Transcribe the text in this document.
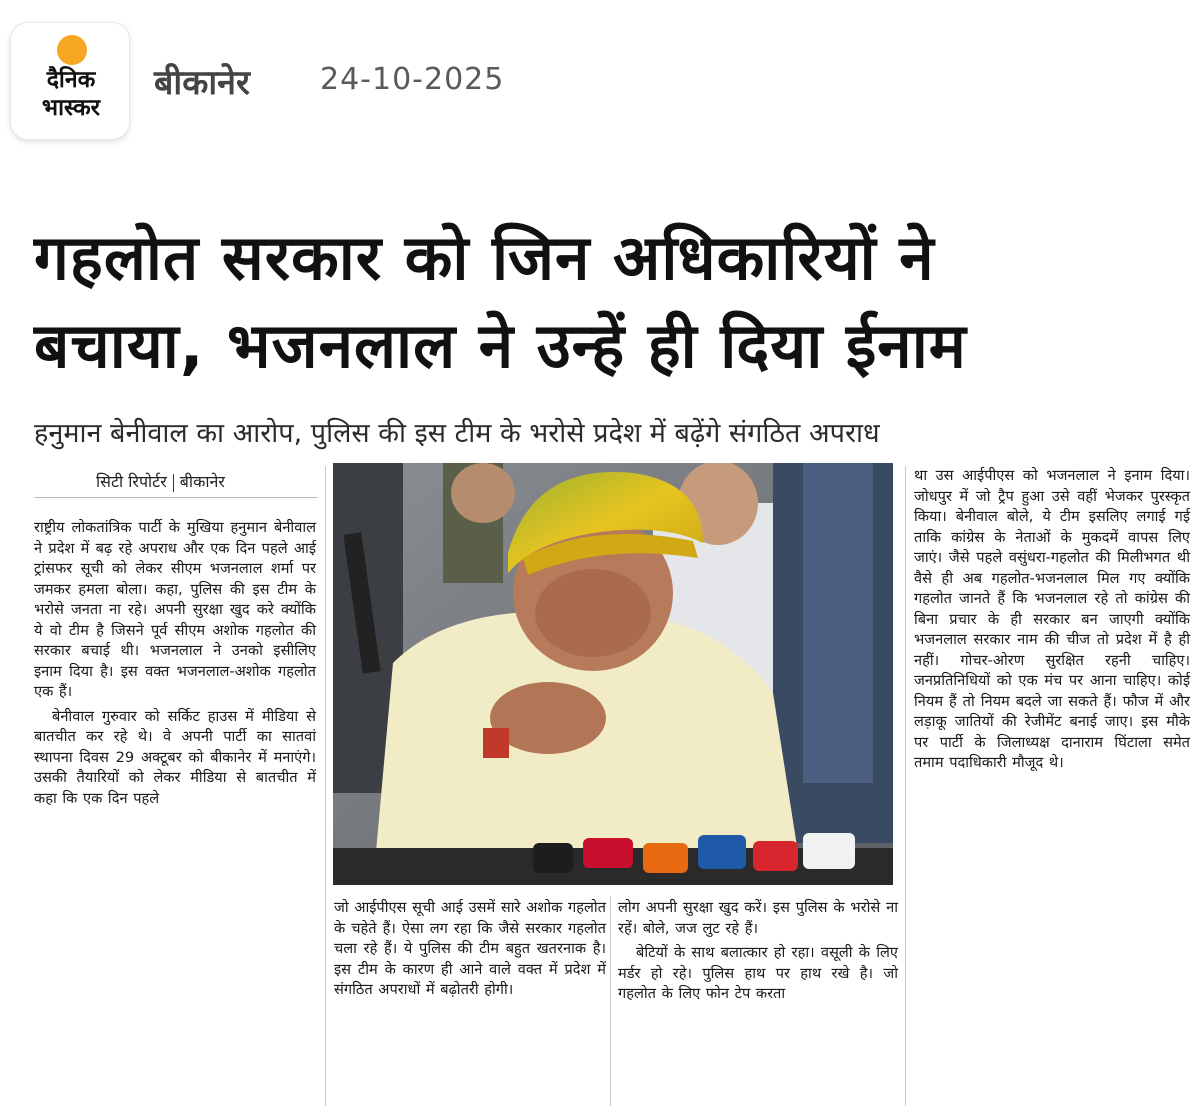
दैनिक
भास्कर
बीकानेर 24-10-2025
गहलोत सरकार को जिन अधिकारियों ने
बचाया, भजनलाल ने उन्हें ही दिया ईनाम
हनुमान बेनीवाल का आरोप, पुलिस की इस टीम के भरोसे प्रदेश में बढ़ेंगे संगठित अपराध
सिटी रिपोर्टर बीकानेर

राष्ट्रीय लोकतांत्रिक पार्टी के मुखिया हनुमान बेनीवाल ने प्रदेश में बढ़ रहे अपराध और एक दिन पहले आई ट्रांसफर सूची को लेकर सीएम भजनलाल शर्मा पर जमकर हमला बोला। कहा, पुलिस की इस टीम के भरोसे जनता ना रहे। अपनी सुरक्षा खुद करे क्योंकि ये वो टीम है जिसने पूर्व सीएम अशोक गहलोत की सरकार बचाई थी। भजनलाल ने उनको इसीलिए इनाम दिया है। इस वक्त भजनलाल-अशोक गहलोत एक हैं।

बेनीवाल गुरुवार को सर्किट हाउस में मीडिया से बातचीत कर रहे थे। वे अपनी पार्टी का सातवां स्थापना दिवस 29 अक्टूबर को बीकानेर में मनाएंगे। उसकी तैयारियों को लेकर मीडिया से बातचीत में कहा कि एक दिन पहले

जो आईपीएस सूची आई उसमें सारे अशोक गहलोत के चहेते हैं। ऐसा लग रहा कि जैसे सरकार गहलोत चला रहे हैं। ये पुलिस की टीम बहुत खतरनाक है। इस टीम के कारण ही आने वाले वक्त में प्रदेश में संगठित अपराधों में बढ़ोतरी होगी।

लोग अपनी सुरक्षा खुद करें। इस पुलिस के भरोसे ना रहें। बोले, जज लुट रहे हैं।

बेटियों के साथ बलात्कार हो रहा। वसूली के लिए मर्डर हो रहे। पुलिस हाथ पर हाथ रखे है। जो गहलोत के लिए फोन टेप करता

था उस आईपीएस को भजनलाल ने इनाम दिया। जोधपुर में जो ट्रैप हुआ उसे वहीं भेजकर पुरस्कृत किया। बेनीवाल बोले, ये टीम इसलिए लगाई गई ताकि कांग्रेस के नेताओं के मुकदमें वापस लिए जाएं। जैसे पहले वसुंधरा-गहलोत की मिलीभगत थी वैसे ही अब गहलोत-भजनलाल मिल गए क्योंकि गहलोत जानते हैं कि भजनलाल रहे तो कांग्रेस की बिना प्रचार के ही सरकार बन जाएगी क्योंकि भजनलाल सरकार नाम की चीज तो प्रदेश में है ही नहीं। गोचर-ओरण सुरक्षित रहनी चाहिए। जनप्रतिनिधियों को एक मंच पर आना चाहिए। कोई नियम हैं तो नियम बदले जा सकते हैं। फौज में और लड़ाकू जातियों की रेजीमेंट बनाई जाए। इस मौके पर पार्टी के जिलाध्यक्ष दानाराम घिंटाला समेत तमाम पदाधिकारी मौजूद थे।
